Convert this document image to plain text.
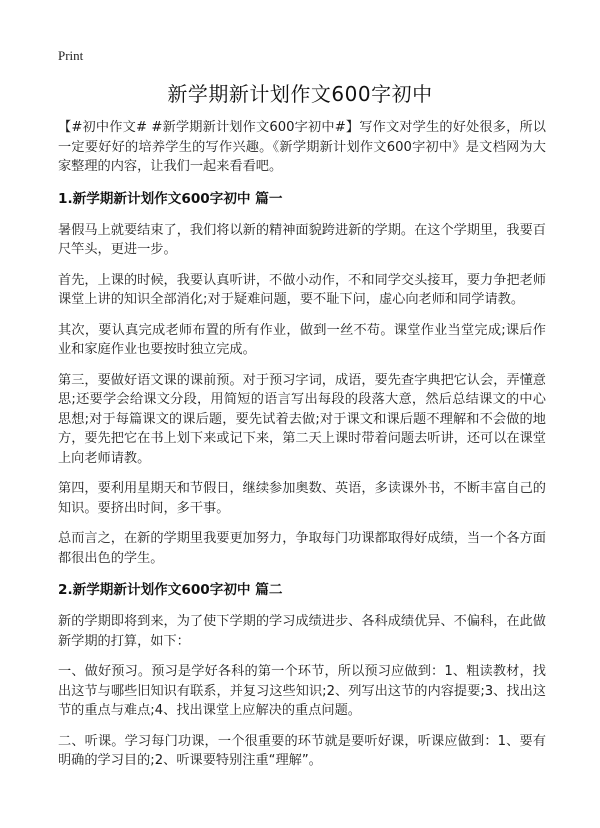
Print
新学期新计划作文600字初中

【#初中作文# #新学期新计划作文600字初中#】写作文对学生的好处很多，所以一定要好好的培养学生的写作兴趣。《新学期新计划作文600字初中》是文档网为大家整理的内容，让我们一起来看看吧。

1.新学期新计划作文600字初中 篇一

暑假马上就要结束了，我们将以新的精神面貌跨进新的学期。在这个学期里，我要百尺竿头，更进一步。

首先，上课的时候，我要认真听讲，不做小动作，不和同学交头接耳，要力争把老师课堂上讲的知识全部消化;对于疑难问题，要不耻下问，虚心向老师和同学请教。

其次，要认真完成老师布置的所有作业，做到一丝不苟。课堂作业当堂完成;课后作业和家庭作业也要按时独立完成。

第三，要做好语文课的课前预。对于预习字词，成语，要先查字典把它认会，弄懂意思;还要学会给课文分段，用简短的语言写出每段的段落大意，然后总结课文的中心思想;对于每篇课文的课后题，要先试着去做;对于课文和课后题不理解和不会做的地方，要先把它在书上划下来或记下来，第二天上课时带着问题去听讲，还可以在课堂上向老师请教。

第四，要利用星期天和节假日，继续参加奥数、英语，多读课外书，不断丰富自己的知识。要挤出时间，多干事。

总而言之，在新的学期里我要更加努力，争取每门功课都取得好成绩，当一个各方面都很出色的学生。

2.新学期新计划作文600字初中 篇二

新的学期即将到来，为了使下学期的学习成绩进步、各科成绩优异、不偏科，在此做新学期的打算，如下：

一、做好预习。预习是学好各科的第一个环节，所以预习应做到：1、粗读教材，找出这节与哪些旧知识有联系，并复习这些知识;2、列写出这节的内容提要;3、找出这节的重点与难点;4、找出课堂上应解决的重点问题。

二、听课。学习每门功课，一个很重要的环节就是要听好课，听课应做到：1、要有明确的学习目的;2、听课要特别注重“理解”。
